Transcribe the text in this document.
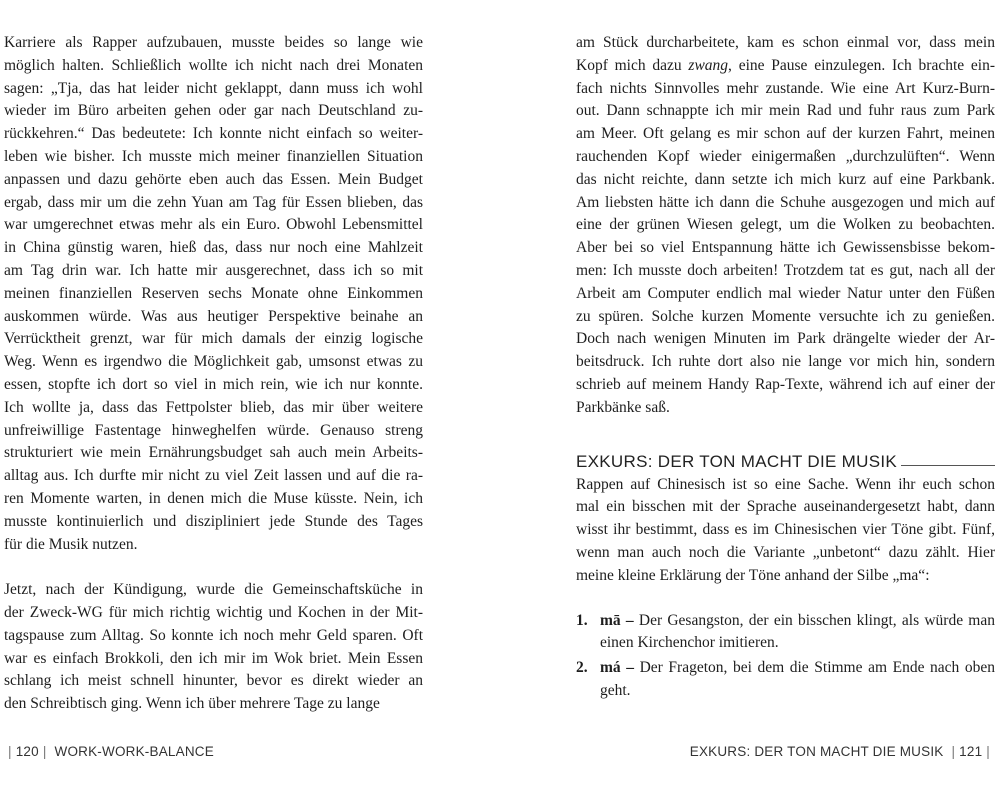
Karriere als Rapper aufzubauen, musste beides so lange wie
möglich halten. Schließlich wollte ich nicht nach drei Monaten
sagen: „Tja, das hat leider nicht geklappt, dann muss ich wohl
wieder im Büro arbeiten gehen oder gar nach Deutschland zu-
rückkehren.“ Das bedeutete: Ich konnte nicht einfach so weiter-
leben wie bisher. Ich musste mich meiner finanziellen Situation
anpassen und dazu gehörte eben auch das Essen. Mein Budget
ergab, dass mir um die zehn Yuan am Tag für Essen blieben, das
war umgerechnet etwas mehr als ein Euro. Obwohl Lebensmittel
in China günstig waren, hieß das, dass nur noch eine Mahlzeit
am Tag drin war. Ich hatte mir ausgerechnet, dass ich so mit
meinen finanziellen Reserven sechs Monate ohne Einkommen
auskommen würde. Was aus heutiger Perspektive beinahe an
Verrücktheit grenzt, war für mich damals der einzig logische
Weg. Wenn es irgendwo die Möglichkeit gab, umsonst etwas zu
essen, stopfte ich dort so viel in mich rein, wie ich nur konnte.
Ich wollte ja, dass das Fettpolster blieb, das mir über weitere
unfreiwillige Fastentage hinweghelfen würde. Genauso streng
strukturiert wie mein Ernährungsbudget sah auch mein Arbeits-
alltag aus. Ich durfte mir nicht zu viel Zeit lassen und auf die ra-
ren Momente warten, in denen mich die Muse küsste. Nein, ich
musste kontinuierlich und diszipliniert jede Stunde des Tages
für die Musik nutzen.

Jetzt, nach der Kündigung, wurde die Gemeinschaftsküche in
der Zweck-WG für mich richtig wichtig und Kochen in der Mit-
tagspause zum Alltag. So konnte ich noch mehr Geld sparen. Oft
war es einfach Brokkoli, den ich mir im Wok briet. Mein Essen
schlang ich meist schnell hinunter, bevor es direkt wieder an
den Schreibtisch ging. Wenn ich über mehrere Tage zu lange

am Stück durcharbeitete, kam es schon einmal vor, dass mein
Kopf mich dazu zwang, eine Pause einzulegen. Ich brachte ein-
fach nichts Sinnvolles mehr zustande. Wie eine Art Kurz-Burn-
out. Dann schnappte ich mir mein Rad und fuhr raus zum Park
am Meer. Oft gelang es mir schon auf der kurzen Fahrt, meinen
rauchenden Kopf wieder einigermaßen „durchzulüften“. Wenn
das nicht reichte, dann setzte ich mich kurz auf eine Parkbank.
Am liebsten hätte ich dann die Schuhe ausgezogen und mich auf
eine der grünen Wiesen gelegt, um die Wolken zu beobachten.
Aber bei so viel Entspannung hätte ich Gewissensbisse bekom-
men: Ich musste doch arbeiten! Trotzdem tat es gut, nach all der
Arbeit am Computer endlich mal wieder Natur unter den Füßen
zu spüren. Solche kurzen Momente versuchte ich zu genießen.
Doch nach wenigen Minuten im Park drängelte wieder der Ar-
beitsdruck. Ich ruhte dort also nie lange vor mich hin, sondern
schrieb auf meinem Handy Rap-Texte, während ich auf einer der
Parkbänke saß.

EXKURS: DER TON MACHT DIE MUSIK

Rappen auf Chinesisch ist so eine Sache. Wenn ihr euch schon
mal ein bisschen mit der Sprache auseinandergesetzt habt, dann
wisst ihr bestimmt, dass es im Chinesischen vier Töne gibt. Fünf,
wenn man auch noch die Variante „unbetont“ dazu zählt. Hier
meine kleine Erklärung der Töne anhand der Silbe „ma“:

1. mā – Der Gesangston, der ein bisschen klingt, als würde man einen Kirchenchor imitieren.
2. má – Der Frageton, bei dem die Stimme am Ende nach oben geht.
| 120 | WORK-WORK-BALANCE	EXKURS: DER TON MACHT DIE MUSIK | 121 |
